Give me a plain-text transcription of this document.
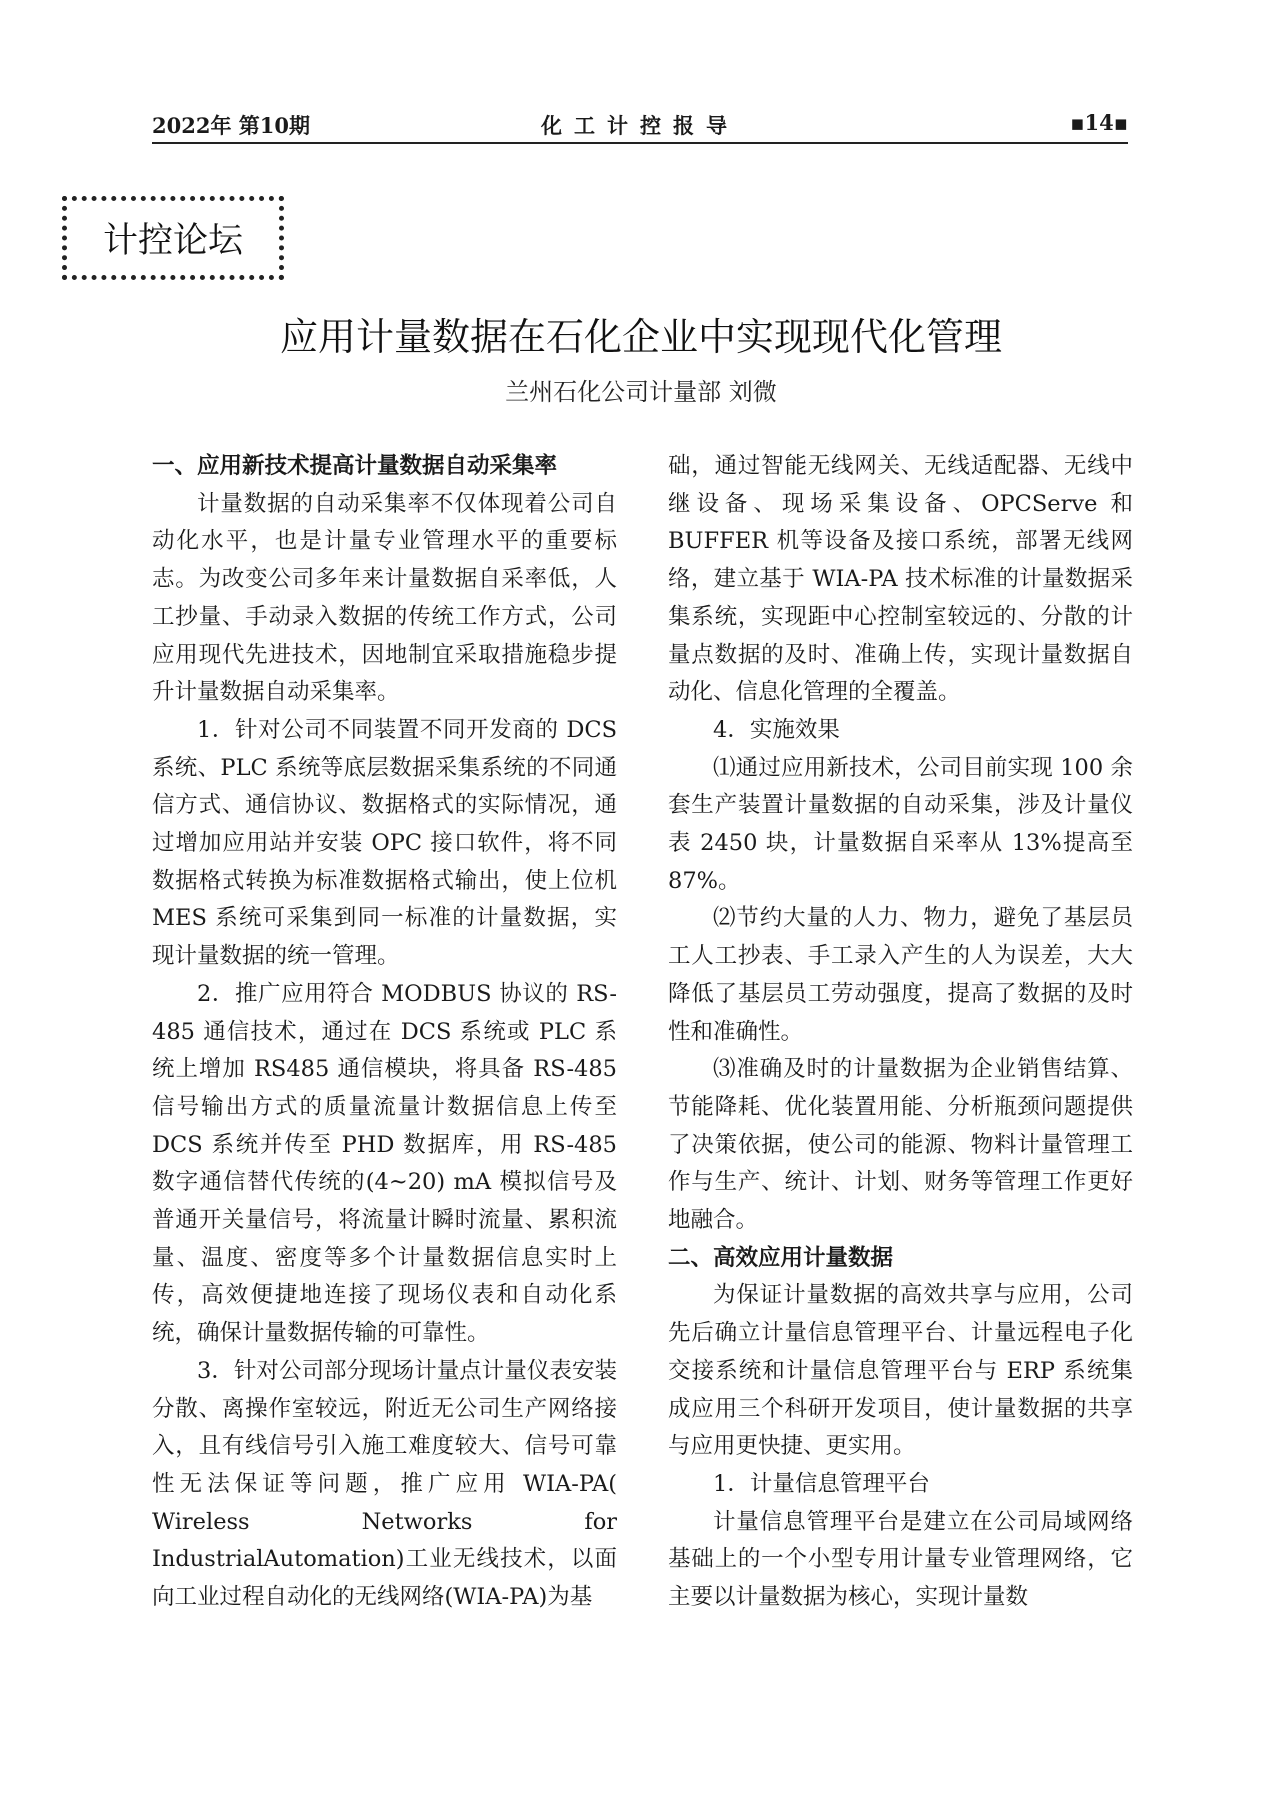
2022年 第10期	化工计控报导	▪14▪
计控论坛
应用计量数据在石化企业中实现现代化管理
兰州石化公司计量部 刘微

一、应用新技术提高计量数据自动采集率

计量数据的自动采集率不仅体现着公司自动化水平，也是计量专业管理水平的重要标志。为改变公司多年来计量数据自采率低，人工抄量、手动录入数据的传统工作方式，公司应用现代先进技术，因地制宜采取措施稳步提升计量数据自动采集率。

1．针对公司不同装置不同开发商的 DCS 系统、PLC 系统等底层数据采集系统的不同通信方式、通信协议、数据格式的实际情况，通过增加应用站并安装 OPC 接口软件，将不同数据格式转换为标准数据格式输出，使上位机 MES 系统可采集到同一标准的计量数据，实现计量数据的统一管理。

2．推广应用符合 MODBUS 协议的 RS-485 通信技术，通过在 DCS 系统或 PLC 系统上增加 RS485 通信模块，将具备 RS-485 信号输出方式的质量流量计数据信息上传至 DCS 系统并传至 PHD 数据库，用 RS-485 数字通信替代传统的(4~20) mA 模拟信号及普通开关量信号，将流量计瞬时流量、累积流量、温度、密度等多个计量数据信息实时上传，高效便捷地连接了现场仪表和自动化系统，确保计量数据传输的可靠性。

3．针对公司部分现场计量点计量仪表安装分散、离操作室较远，附近无公司生产网络接入，且有线信号引入施工难度较大、信号可靠性无法保证等问题，推广应用 WIA-PA( Wireless Networks for IndustrialAutomation)工业无线技术，以面向工业过程自动化的无线网络(WIA-PA)为基

础，通过智能无线网关、无线适配器、无线中继设备、现场采集设备、OPCServe 和 BUFFER 机等设备及接口系统，部署无线网络，建立基于 WIA-PA 技术标准的计量数据采集系统，实现距中心控制室较远的、分散的计量点数据的及时、准确上传，实现计量数据自动化、信息化管理的全覆盖。

4．实施效果

⑴通过应用新技术，公司目前实现 100 余套生产装置计量数据的自动采集，涉及计量仪表 2450 块，计量数据自采率从 13%提高至 87%。

⑵节约大量的人力、物力，避免了基层员工人工抄表、手工录入产生的人为误差，大大降低了基层员工劳动强度，提高了数据的及时性和准确性。

⑶准确及时的计量数据为企业销售结算、节能降耗、优化装置用能、分析瓶颈问题提供了决策依据，使公司的能源、物料计量管理工作与生产、统计、计划、财务等管理工作更好地融合。

二、高效应用计量数据

为保证计量数据的高效共享与应用，公司先后确立计量信息管理平台、计量远程电子化交接系统和计量信息管理平台与 ERP 系统集成应用三个科研开发项目，使计量数据的共享与应用更快捷、更实用。

1．计量信息管理平台

计量信息管理平台是建立在公司局域网络基础上的一个小型专用计量专业管理网络，它主要以计量数据为核心，实现计量数
